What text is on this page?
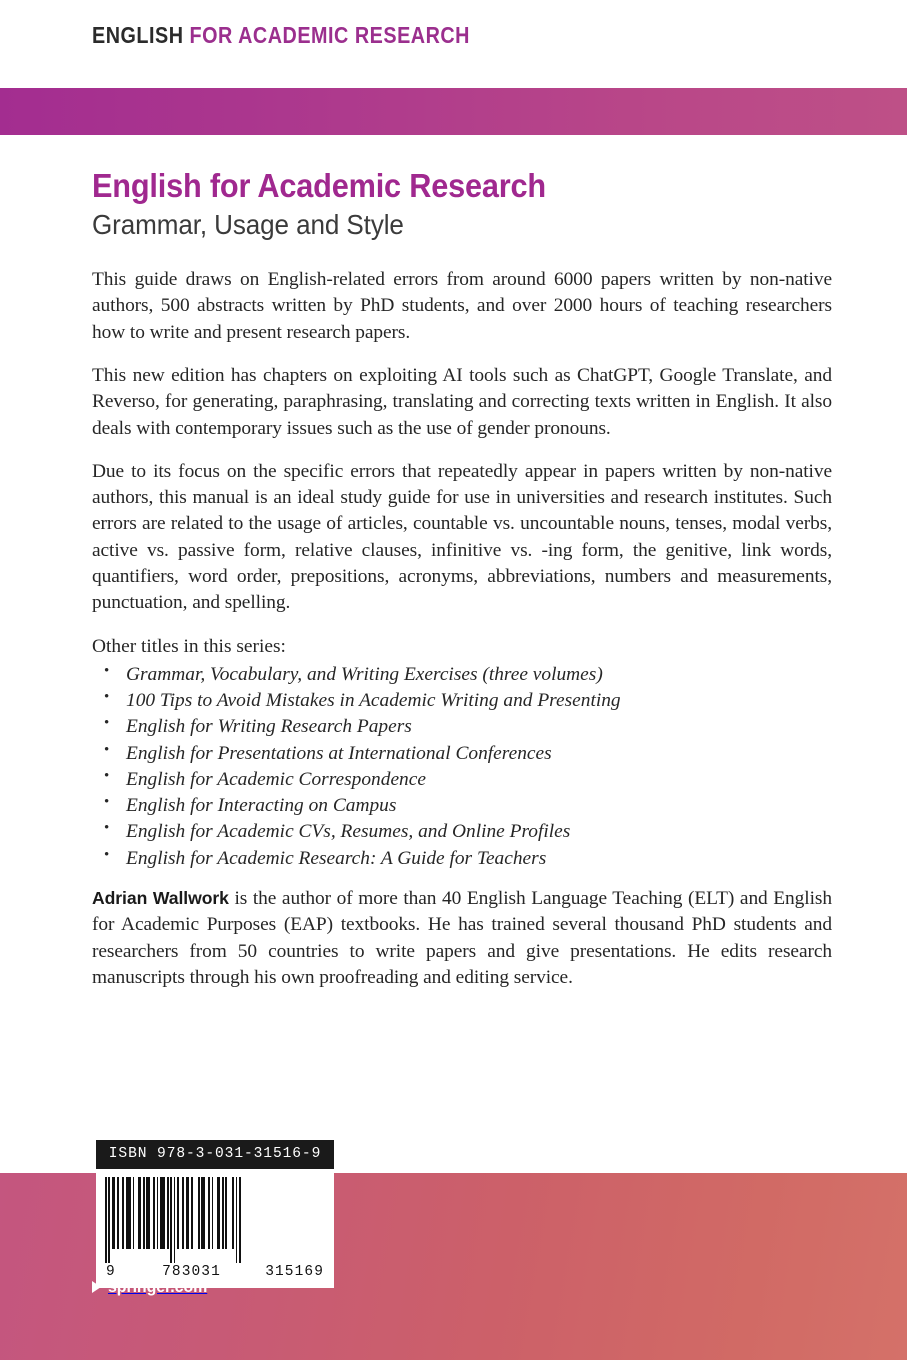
ENGLISH FOR ACADEMIC RESEARCH
English for Academic Research
Grammar, Usage and Style

This guide draws on English-related errors from around 6000 papers written by non-native authors, 500 abstracts written by PhD students, and over 2000 hours of teaching researchers how to write and present research papers.

This new edition has chapters on exploiting AI tools such as ChatGPT, Google Translate, and Reverso, for generating, paraphrasing, translating and correcting texts written in English. It also deals with contemporary issues such as the use of gender pronouns.

Due to its focus on the specific errors that repeatedly appear in papers written by non-native authors, this manual is an ideal study guide for use in universities and research institutes. Such errors are related to the usage of articles, countable vs. uncountable nouns, tenses, modal verbs, active vs. passive form, relative clauses, infinitive vs. -ing form, the genitive, link words, quantifiers, word order, prepositions, acronyms, abbreviations, numbers and measurements, punctuation, and spelling.

Other titles in this series:
• Grammar, Vocabulary, and Writing Exercises (three volumes)
• 100 Tips to Avoid Mistakes in Academic Writing and Presenting
• English for Writing Research Papers
• English for Presentations at International Conferences
• English for Academic Correspondence
• English for Interacting on Campus
• English for Academic CVs, Resumes, and Online Profiles
• English for Academic Research: A Guide for Teachers

Adrian Wallwork is the author of more than 40 English Language Teaching (ELT) and English for Academic Purposes (EAP) textbooks. He has trained several thousand PhD students and researchers from 50 countries to write papers and give presentations. He edits research manuscripts through his own proofreading and editing service.

ISBN 978-3-031-31516-9
9	783031	315169
springer.com
